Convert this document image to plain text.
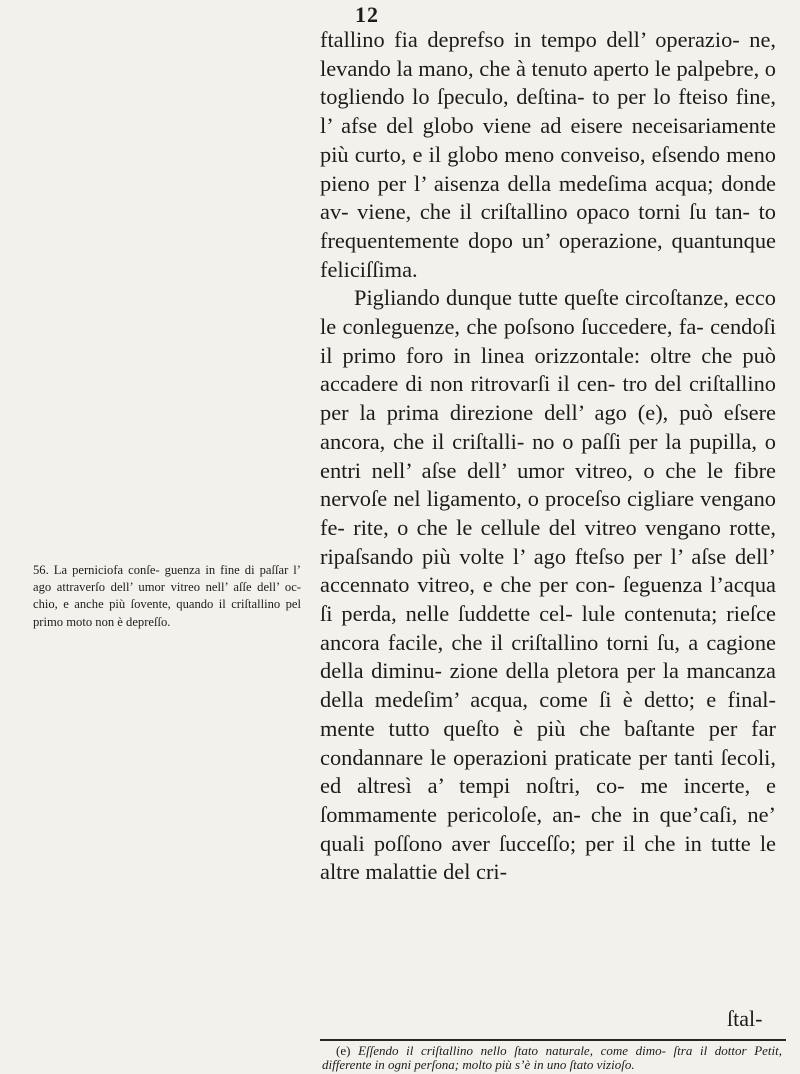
12

ftallino fia deprefso in tempo dell’ operazio- ne, levando la mano, che à tenuto aperto le palpebre, o togliendo lo ſpeculo, deſtina- to per lo fteiso fine, l’ afse del globo viene ad eisere neceisariamente più curto, e il globo meno conveiso, eſsendo meno pieno per l’ aisenza della medeſima acqua; donde av- viene, che il criſtallino opaco torni ſu tan- to frequentemente dopo un’ operazione, quantunque feliciſſima.

Pigliando dunque tutte queſte circoſtanze, ecco le conleguenze, che poſsono ſuccedere, fa- cendoſi il primo foro in linea orizzontale: oltre che può accadere di non ritrovarſi il cen- tro del criſtallino per la prima direzione dell’ ago (e), può eſsere ancora, che il criſtalli- no o paſſi per la pupilla, o entri nell’ aſse dell’ umor vitreo, o che le fibre nervoſe nel ligamento, o proceſso cigliare vengano fe- rite, o che le cellule del vitreo vengano rotte, ripaſsando più volte l’ ago fteſso per l’ aſse dell’ accennato vitreo, e che per con- ſeguenza l’acqua ſi perda, nelle ſuddette cel- lule contenuta; rieſce ancora facile, che il criſtallino torni ſu, a cagione della diminu- zione della pletora per la mancanza della medeſim’ acqua, come ſi è detto; e final- mente tutto queſto è più che baſtante per far condannare le operazioni praticate per tanti ſecoli, ed altresì a’ tempi noſtri, co- me incerte, e ſommamente pericoloſe, an- che in que’caſi, ne’ quali poſſono aver ſucceſſo; per il che in tutte le altre malattie del cri-

56. La perniciofa conſe- guenza in fine di paſſar l’ ago attraverſo dell’ umor vitreo nell’ aſſe dell’ oc- chio, e anche più ſovente, quando il criſtallino pel primo moto non è depreſſo.
ſtal-
(e) Eſſendo il criſtallino nello ſtato naturale, come dimo- ſtra il dottor Petit, differente in ogni perſona; molto più s’è in uno ſtato vizioſo.
